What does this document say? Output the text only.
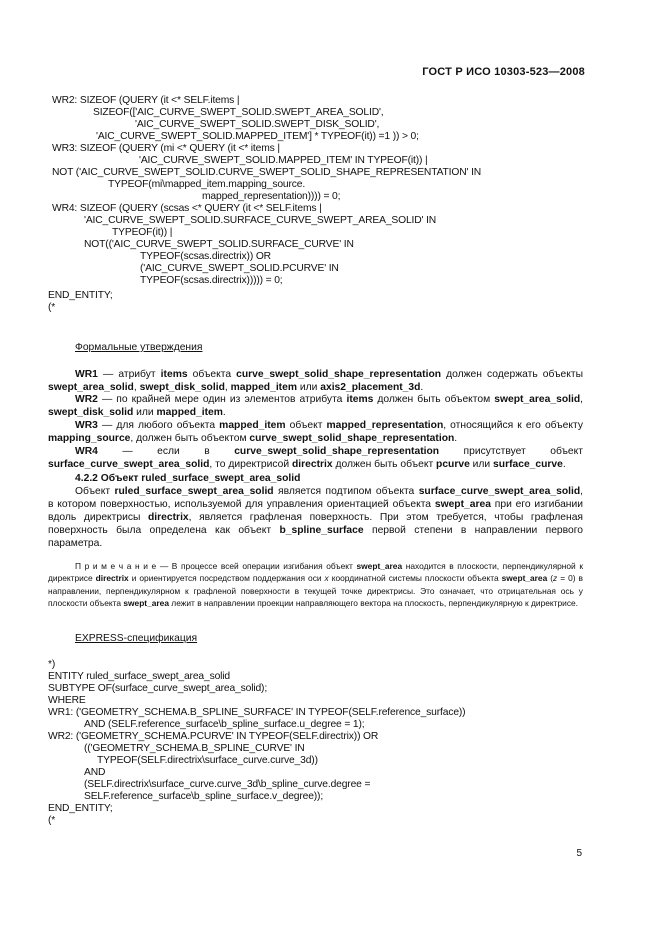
ГОСТ Р ИСО 10303-523—2008
WR2: SIZEOF (QUERY (it <* SELF.items |
SIZEOF(['AIC_CURVE_SWEPT_SOLID.SWEPT_AREA_SOLID',
'AIC_CURVE_SWEPT_SOLID.SWEPT_DISK_SOLID',
'AIC_CURVE_SWEPT_SOLID.MAPPED_ITEM'] * TYPEOF(it)) =1 )) > 0;
WR3: SIZEOF (QUERY (mi <* QUERY (it <* items |
'AIC_CURVE_SWEPT_SOLID.MAPPED_ITEM' IN TYPEOF(it)) |
NOT ('AIC_CURVE_SWEPT_SOLID.CURVE_SWEPT_SOLID_SHAPE_REPRESENTATION' IN
TYPEOF(mi\mapped_item.mapping_source.
mapped_representation)))) = 0;
WR4: SIZEOF (QUERY (scsas <* QUERY (it <* SELF.items |
'AIC_CURVE_SWEPT_SOLID.SURFACE_CURVE_SWEPT_AREA_SOLID' IN
TYPEOF(it)) |
NOT(('AIC_CURVE_SWEPT_SOLID.SURFACE_CURVE' IN
TYPEOF(scsas.directrix)) OR
('AIC_CURVE_SWEPT_SOLID.PCURVE' IN
TYPEOF(scsas.directrix))))) = 0;
END_ENTITY;
(*
Формальные утверждения

WR1 — атрибут items объекта curve_swept_solid_shape_representation должен содержать объекты swept_area_solid, swept_disk_solid, mapped_item или axis2_placement_3d.

WR2 — по крайней мере один из элементов атрибута items должен быть объектом swept_area_solid, swept_disk_solid или mapped_item.

WR3 — для любого объекта mapped_item объект mapped_representation, относящийся к его объекту mapping_source, должен быть объектом curve_swept_solid_shape_representation.

WR4 — если в curve_swept_solid_shape_representation присутствует объект surface_curve_swept_area_solid, то директрисой directrix должен быть объект pcurve или surface_curve.

4.2.2 Объект ruled_surface_swept_area_solid

Объект ruled_surface_swept_area_solid является подтипом объекта surface_curve_swept_area_solid, в котором поверхностью, используемой для управления ориентацией объекта swept_area при его изгибании вдоль директрисы directrix, является графленая поверхность. При этом требуется, чтобы графленая поверхность была определена как объект b_spline_surface первой степени в направлении первого параметра.

П р и м е ч а н и е — В процессе всей операции изгибания объект swept_area находится в плоскости, перпендикулярной к директрисе directrix и ориентируется посредством поддержания оси x координатной системы плоскости объекта swept_area (z = 0) в направлении, перпендикулярном к графленой поверхности в текущей точке директрисы. Это означает, что отрицательная ось у плоскости объекта swept_area лежит в направлении проекции направляющего вектора на плоскость, перпендикулярную к директрисе.

EXPRESS-спецификация
*)
ENTITY ruled_surface_swept_area_solid
SUBTYPE OF(surface_curve_swept_area_solid);
WHERE
WR1: ('GEOMETRY_SCHEMA.B_SPLINE_SURFACE' IN TYPEOF(SELF.reference_surface))
AND (SELF.reference_surface\b_spline_surface.u_degree = 1);
WR2: ('GEOMETRY_SCHEMA.PCURVE' IN TYPEOF(SELF.directrix)) OR
(('GEOMETRY_SCHEMA.B_SPLINE_CURVE' IN
TYPEOF(SELF.directrix\surface_curve.curve_3d))
AND
(SELF.directrix\surface_curve.curve_3d\b_spline_curve.degree =
SELF.reference_surface\b_spline_surface.v_degree));
END_ENTITY;
(*
5
